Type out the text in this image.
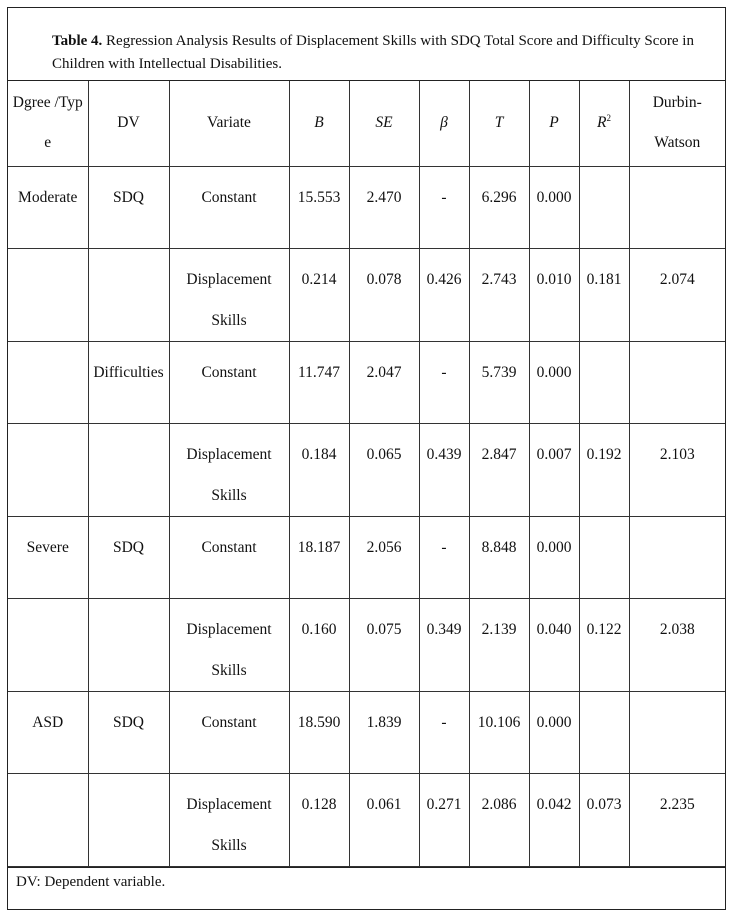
Table 4. Regression Analysis Results of Displacement Skills with SDQ Total Score and Difficulty Score in Children with Intellectual Disabilities.
Dgree /Type	DV	Variate	B	SE	β	T	P	$R^2$	Durbin-Watson
Moderate	SDQ	Constant	15.553	2.470	-	6.296	0.000		
		Displacement Skills	0.214	0.078	0.426	2.743	0.010	0.181	2.074
	Difficulties	Constant	11.747	2.047	-	5.739	0.000		
		Displacement Skills	0.184	0.065	0.439	2.847	0.007	0.192	2.103
Severe	SDQ	Constant	18.187	2.056	-	8.848	0.000		
		Displacement Skills	0.160	0.075	0.349	2.139	0.040	0.122	2.038
ASD	SDQ	Constant	18.590	1.839	-	10.106	0.000		
		Displacement Skills	0.128	0.061	0.271	2.086	0.042	0.073	2.235
DV: Dependent variable.
